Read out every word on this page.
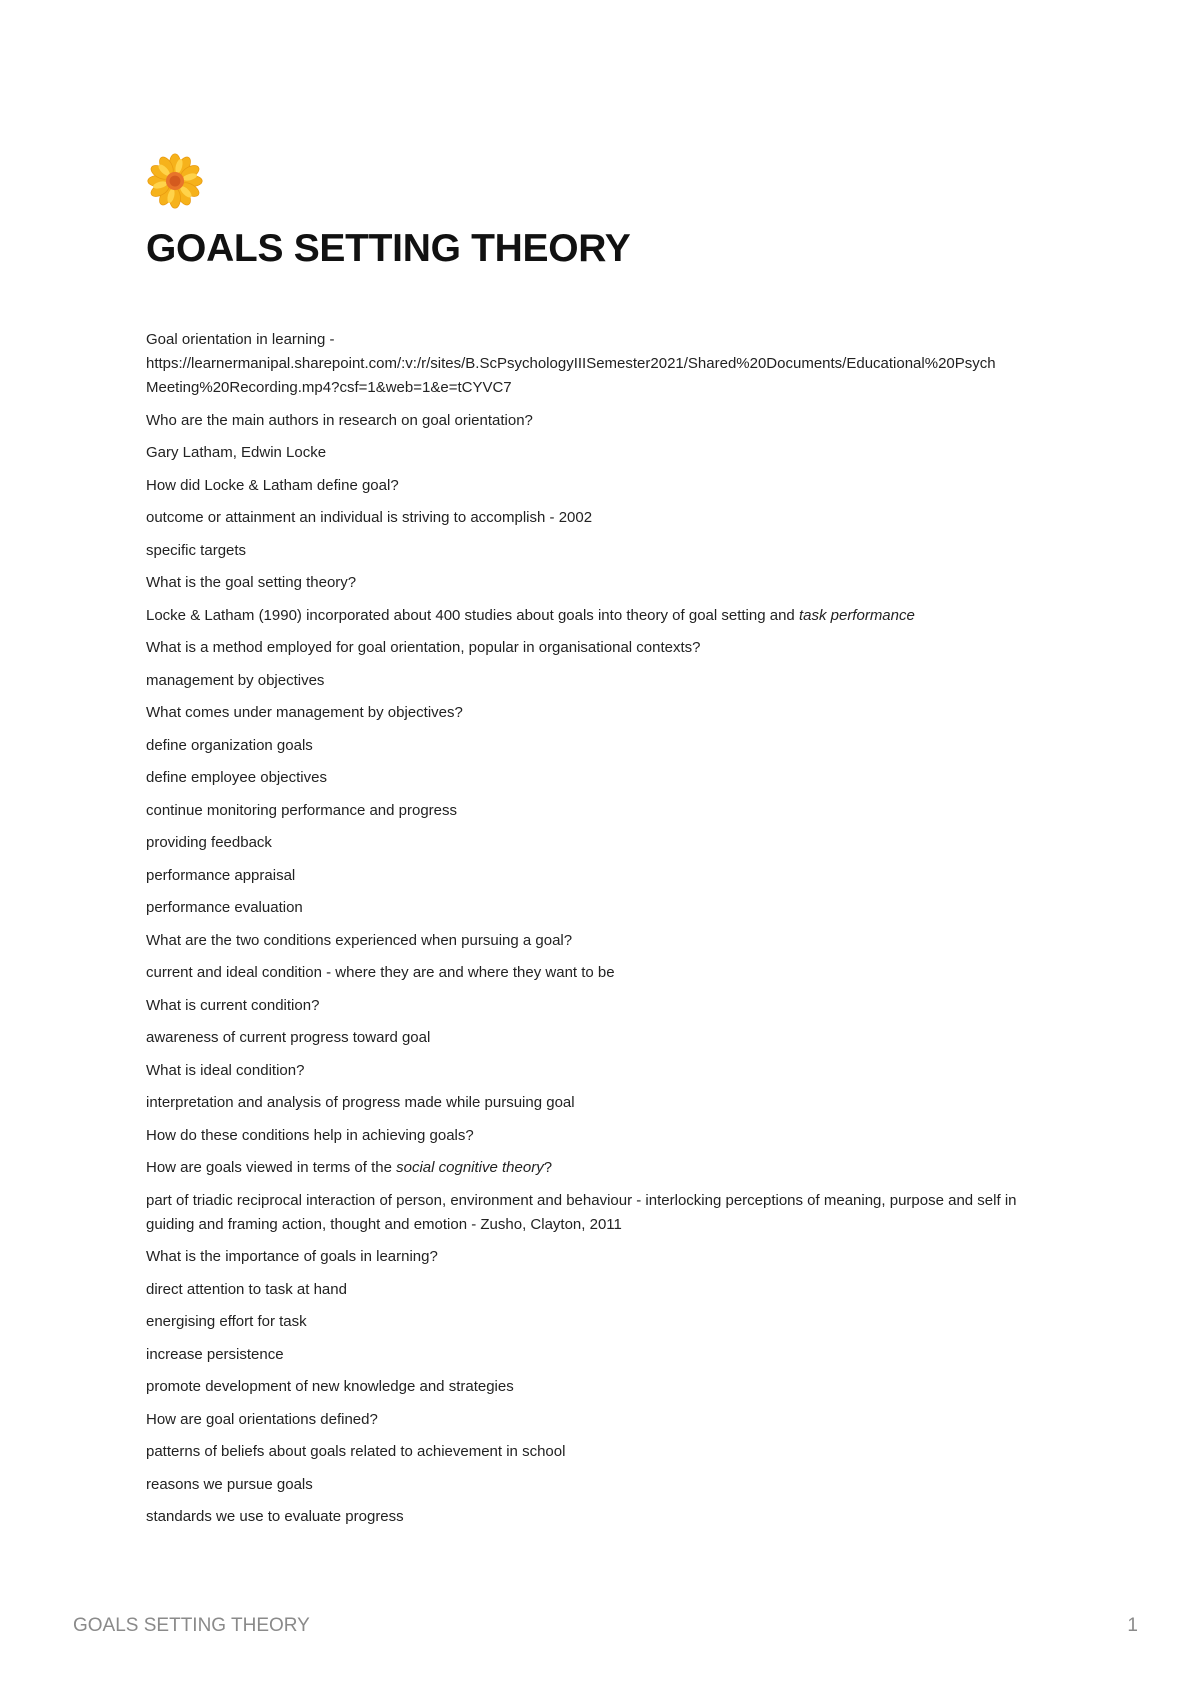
GOALS SETTING THEORY
Goal orientation in learning -
https://learnermanipal.sharepoint.com/:v:/r/sites/B.ScPsychologyIIISemester2021/Shared%20Documents/Educational%20Psych
Meeting%20Recording.mp4?csf=1&web=1&e=tCYVC7
Who are the main authors in research on goal orientation?
Gary Latham, Edwin Locke
How did Locke & Latham define goal?
outcome or attainment an individual is striving to accomplish - 2002
specific targets
What is the goal setting theory?
Locke & Latham (1990) incorporated about 400 studies about goals into theory of goal setting and task performance
What is a method employed for goal orientation, popular in organisational contexts?
management by objectives
What comes under management by objectives?
define organization goals
define employee objectives
continue monitoring performance and progress
providing feedback
performance appraisal
performance evaluation
What are the two conditions experienced when pursuing a goal?
current and ideal condition - where they are and where they want to be
What is current condition?
awareness of current progress toward goal
What is ideal condition?
interpretation and analysis of progress made while pursuing goal
How do these conditions help in achieving goals?
How are goals viewed in terms of the social cognitive theory?
part of triadic reciprocal interaction of person, environment and behaviour - interlocking perceptions of meaning, purpose and self in guiding and framing action, thought and emotion - Zusho, Clayton, 2011
What is the importance of goals in learning?
direct attention to task at hand
energising effort for task
increase persistence
promote development of new knowledge and strategies
How are goal orientations defined?
patterns of beliefs about goals related to achievement in school
reasons we pursue goals
standards we use to evaluate progress
GOALS SETTING THEORY	1
